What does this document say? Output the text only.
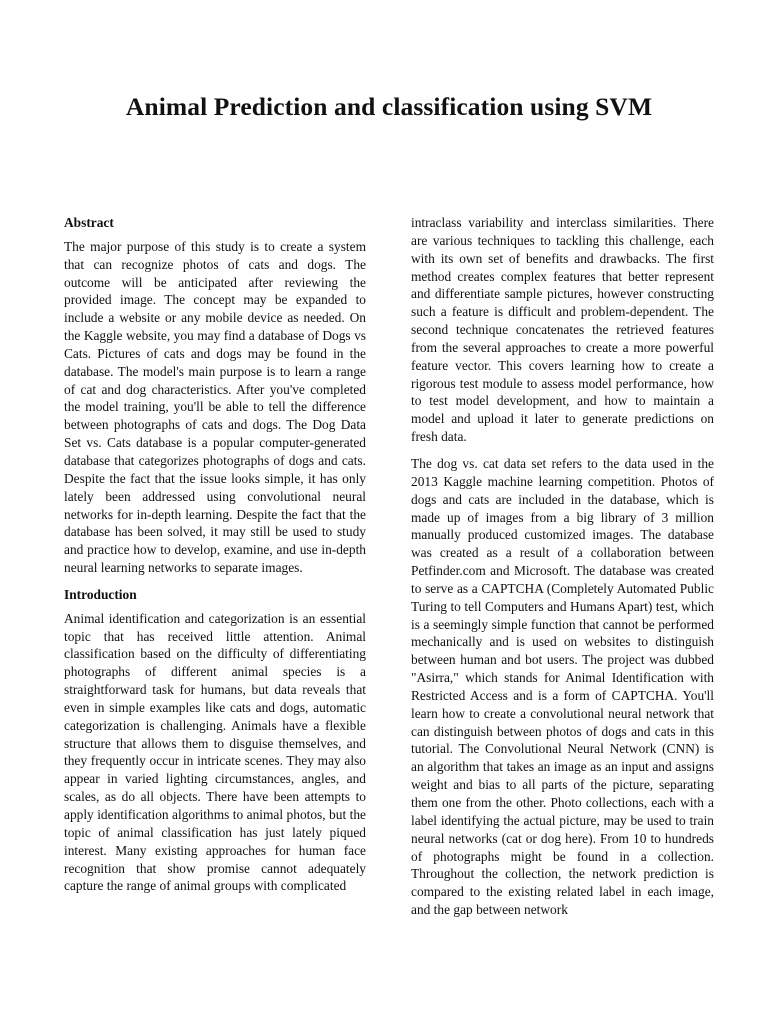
Animal Prediction and classification using SVM
Abstract

The major purpose of this study is to create a system that can recognize photos of cats and dogs. The outcome will be anticipated after reviewing the provided image. The concept may be expanded to include a website or any mobile device as needed. On the Kaggle website, you may find a database of Dogs vs Cats. Pictures of cats and dogs may be found in the database. The model's main purpose is to learn a range of cat and dog characteristics. After you've completed the model training, you'll be able to tell the difference between photographs of cats and dogs. The Dog Data Set vs. Cats database is a popular computer-generated database that categorizes photographs of dogs and cats. Despite the fact that the issue looks simple, it has only lately been addressed using convolutional neural networks for in-depth learning. Despite the fact that the database has been solved, it may still be used to study and practice how to develop, examine, and use in-depth neural learning networks to separate images.

Introduction

Animal identification and categorization is an essential topic that has received little attention. Animal classification based on the difficulty of differentiating photographs of different animal species is a straightforward task for humans, but data reveals that even in simple examples like cats and dogs, automatic categorization is challenging. Animals have a flexible structure that allows them to disguise themselves, and they frequently occur in intricate scenes. They may also appear in varied lighting circumstances, angles, and scales, as do all objects. There have been attempts to apply identification algorithms to animal photos, but the topic of animal classification has just lately piqued interest. Many existing approaches for human face recognition that show promise cannot adequately capture the range of animal groups with complicated

intraclass variability and interclass similarities. There are various techniques to tackling this challenge, each with its own set of benefits and drawbacks. The first method creates complex features that better represent and differentiate sample pictures, however constructing such a feature is difficult and problem-dependent. The second technique concatenates the retrieved features from the several approaches to create a more powerful feature vector. This covers learning how to create a rigorous test module to assess model performance, how to test model development, and how to maintain a model and upload it later to generate predictions on fresh data.

The dog vs. cat data set refers to the data used in the 2013 Kaggle machine learning competition. Photos of dogs and cats are included in the database, which is made up of images from a big library of 3 million manually produced customized images. The database was created as a result of a collaboration between Petfinder.com and Microsoft. The database was created to serve as a CAPTCHA (Completely Automated Public Turing to tell Computers and Humans Apart) test, which is a seemingly simple function that cannot be performed mechanically and is used on websites to distinguish between human and bot users. The project was dubbed "Asirra," which stands for Animal Identification with Restricted Access and is a form of CAPTCHA. You'll learn how to create a convolutional neural network that can distinguish between photos of dogs and cats in this tutorial. The Convolutional Neural Network (CNN) is an algorithm that takes an image as an input and assigns weight and bias to all parts of the picture, separating them one from the other. Photo collections, each with a label identifying the actual picture, may be used to train neural networks (cat or dog here). From 10 to hundreds of photographs might be found in a collection. Throughout the collection, the network prediction is compared to the existing related label in each image, and the gap between network
